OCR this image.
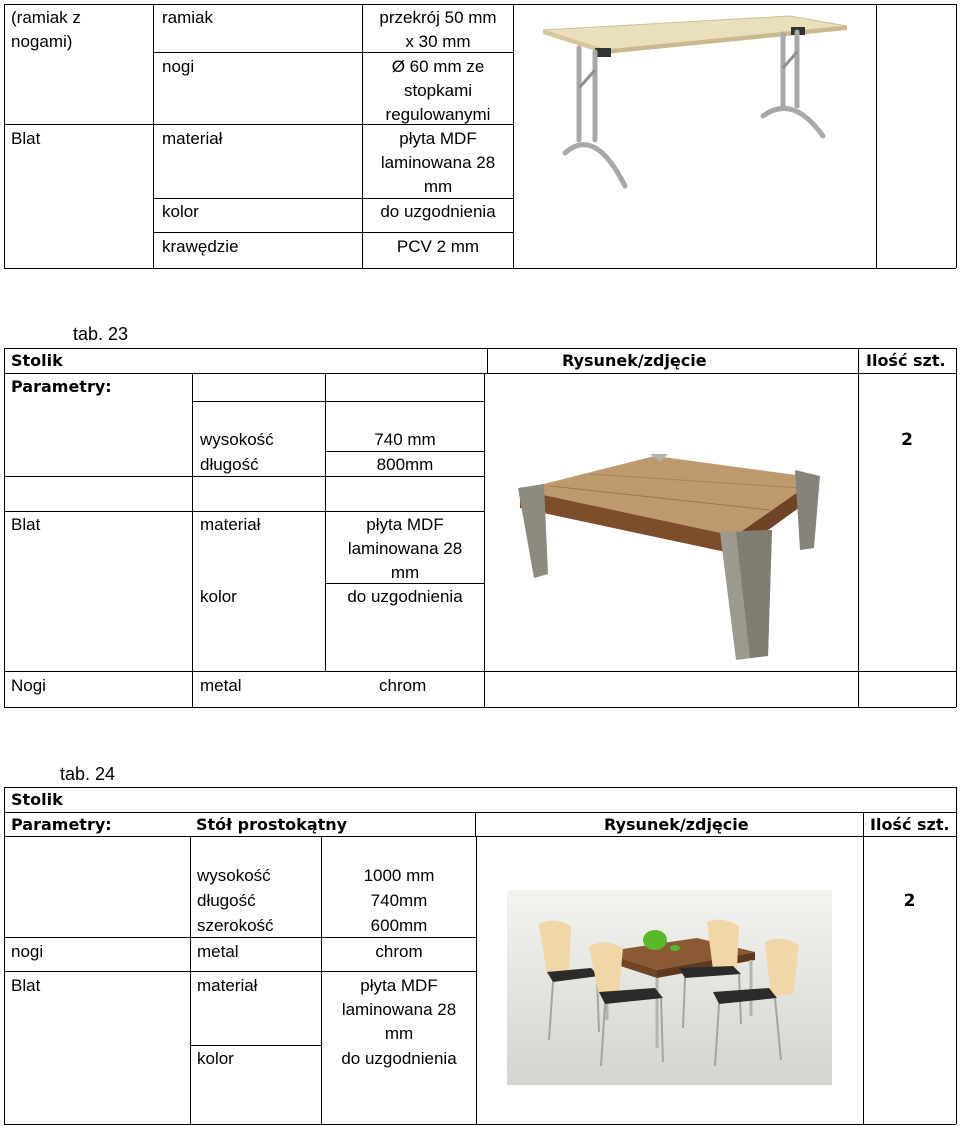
(ramiak z
nogami)
ramiak	przekrój 50 mm
x 30 mm
nogi	Ø 60 mm ze
stopkami
regulowanymi
Blat	materiał	płyta MDF
laminowana 28
mm
kolor	do uzgodnienia
krawędzie	PCV 2 mm
tab. 23
Stolik	Rysunek/zdjęcie	Ilość szt.
Parametry:
wysokość	740 mm
długość	800mm
2
Blat	materiał	płyta MDF
laminowana 28
mm
kolor	do uzgodnienia
Nogi	metal	chrom
tab. 24
Stolik
Parametry:	Stół prostokątny	Rysunek/zdjęcie	Ilość szt.
wysokość	1000 mm
długość	740mm
szerokość	600mm
2
nogi	metal	chrom
Blat	materiał	płyta MDF
laminowana 28
mm
kolor	do uzgodnienia
